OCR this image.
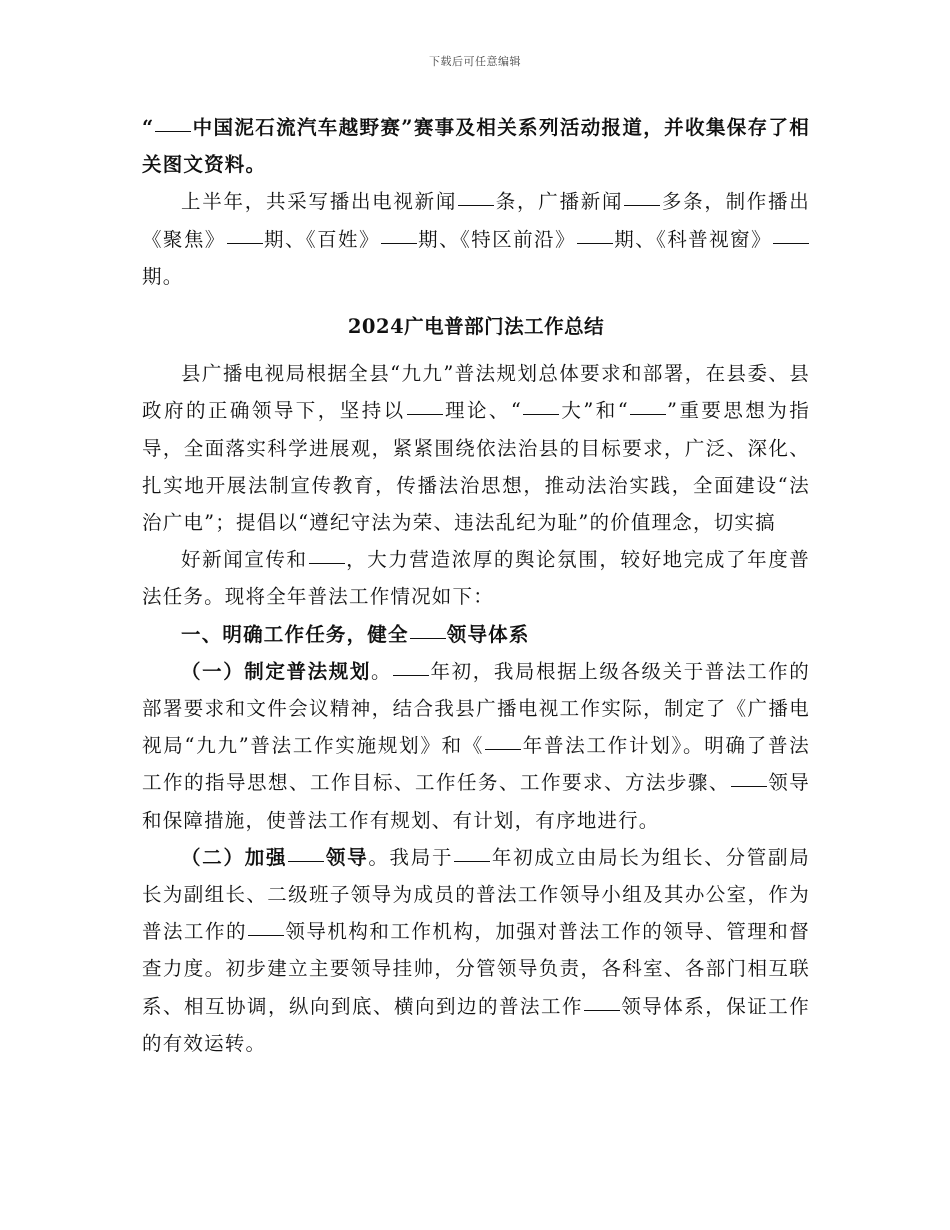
下载后可任意编辑

“ 中国泥石流汽车越野赛”赛事及相关系列活动报道，并收集保存了相关图文资料。

上半年，共采写播出电视新闻 条，广播新闻 多条，制作播出《聚焦》 期、《百姓》 期、《特区前沿》 期、《科普视窗》期。

2024广电普部门法工作总结

县广播电视局根据全县“九九”普法规划总体要求和部署，在县委、县政府的正确领导下，坚持以 理论、“ 大”和“ ”重要思想为指导，全面落实科学进展观，紧紧围绕依法治县的目标要求，广泛、深化、扎实地开展法制宣传教育，传播法治思想，推动法治实践，全面建设“法治广电”；提倡以“遵纪守法为荣、违法乱纪为耻”的价值理念，切实搞

好新闻宣传和 ，大力营造浓厚的舆论氛围，较好地完成了年度普法任务。现将全年普法工作情况如下：

一、明确工作任务，健全 领导体系

（一）制定普法规划。 年初，我局根据上级各级关于普法工作的部署要求和文件会议精神，结合我县广播电视工作实际，制定了《广播电视局“九九”普法工作实施规划》和《 年普法工作计划》。明确了普法工作的指导思想、工作目标、工作任务、工作要求、方法步骤、 领导和保障措施，使普法工作有规划、有计划，有序地进行。

（二）加强 领导。我局于 年初成立由局长为组长、分管副局长为副组长、二级班子领导为成员的普法工作领导小组及其办公室，作为普法工作的 领导机构和工作机构，加强对普法工作的领导、管理和督查力度。初步建立主要领导挂帅，分管领导负责，各科室、各部门相互联系、相互协调，纵向到底、横向到边的普法工作 领导体系，保证工作的有效运转。
